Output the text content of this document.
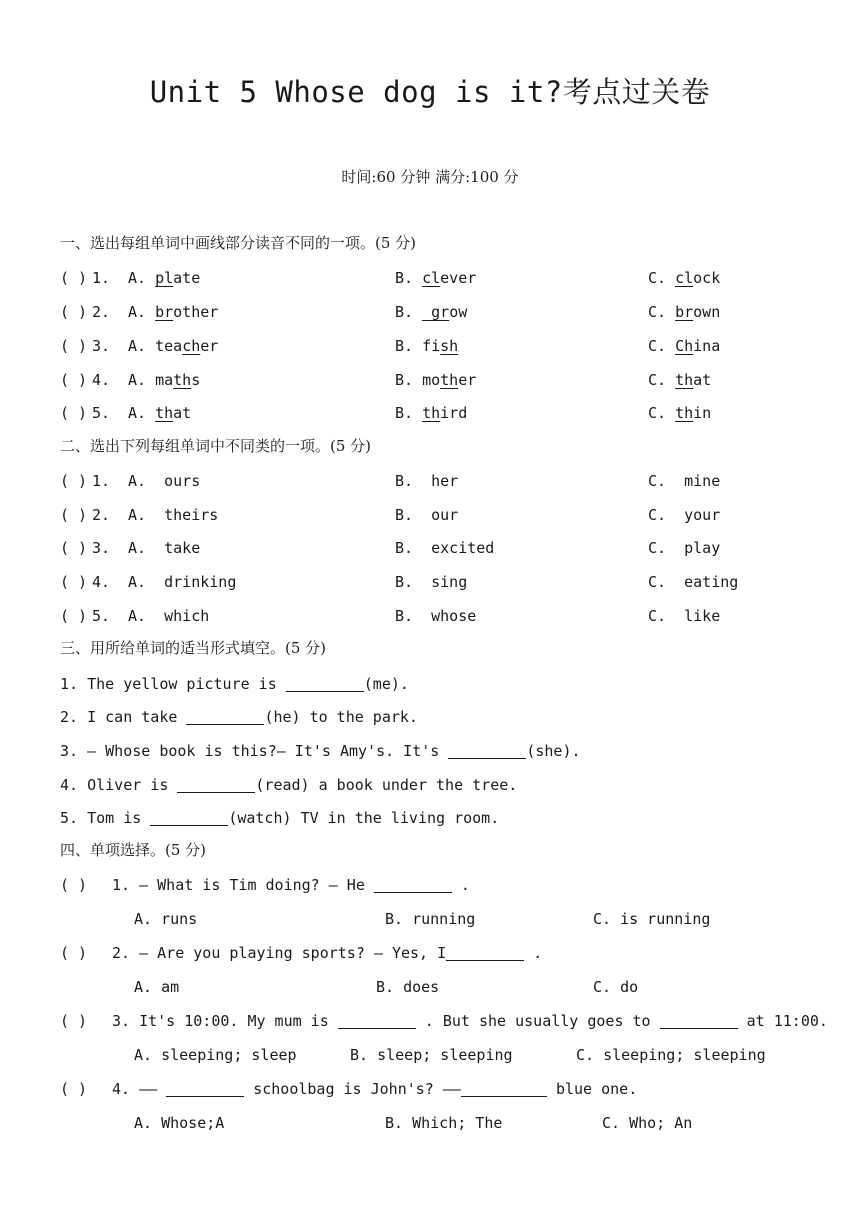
Unit 5 Whose dog is it?考点过关卷
时间:60 分钟 满分:100 分
一、选出每组单词中画线部分读音不同的一项。(5 分)
( ) 1. A. plate	B. clever	C. clock
( ) 2. A. brother	B.  grow	C. brown
( ) 3. A. teacher	B. fish	C. China
( ) 4. A. maths	B. mother	C. that
( ) 5. A. that	B. third	C. thin
二、选出下列每组单词中不同类的一项。(5 分)
( ) 1. A.  ours	B.  her	C.  mine
( ) 2. A.  theirs	B.  our	C.  your
( ) 3. A.  take	B.  excited	C.  play
( ) 4. A.  drinking	B.  sing	C.  eating
( ) 5. A.  which	B.  whose	C.  like
三、用所给单词的适当形式填空。(5 分)
1. The yellow picture is	(me).
2. I can take	(he) to the park.
3. — Whose book is this?— It's Amy's. It's	(she).
4. Oliver is	(read) a book under the tree.
5. Tom is	(watch) TV in the living room.
四、单项选择。(5 分)
( ) 1. — What is Tim doing? — He	.
A. runs	B. running	C. is running
( ) 2. — Are you playing sports? — Yes, I	.
A. am	B. does	C. do
( ) 3. It's 10:00. My mum is	. But she usually goes to	at 11:00.
A. sleeping; sleep	B. sleep; sleeping	C. sleeping; sleeping
( ) 4. ——	schoolbag is John's? ——	blue one.
A. Whose;A	B. Which; The	C. Who; An
